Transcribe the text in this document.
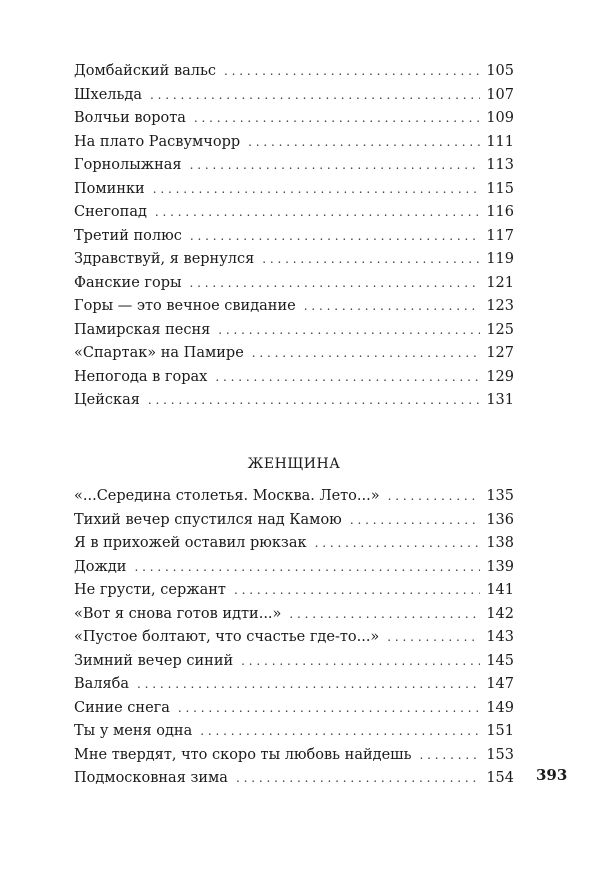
Домбайский вальс . . .	105
Шхельда . . .	107
Волчьи ворота . . .	109
На плато Расвумчорр . . .	111
Горнолыжная . . .	113
Поминки . . .	115
Снегопад . . .	116
Третий полюс . . .	117
Здравствуй, я вернулся . . .	119
Фанские горы . . .	121
Горы — это вечное свидание . . .	123
Памирская песня . . .	125
«Спартак» на Памире . . .	127
Непогода в горах . . .	129
Цейская . . .	131
ЖЕНЩИНА
«...Середина столетья. Москва. Лето...» . . .	135
Тихий вечер спустился над Камою . . .	136
Я в прихожей оставил рюкзак . . .	138
Дожди . . .	139
Не грусти, сержант . . .	141
«Вот я снова готов идти...» . . .	142
«Пустое болтают, что счастье где-то...» . . .	143
Зимний вечер синий . . .	145
Валяба . . .	147
Синие снега . . .	149
Ты у меня одна . . .	151
Мне твердят, что скоро ты любовь найдешь . . .	153
Подмосковная зима . . .	154 393
